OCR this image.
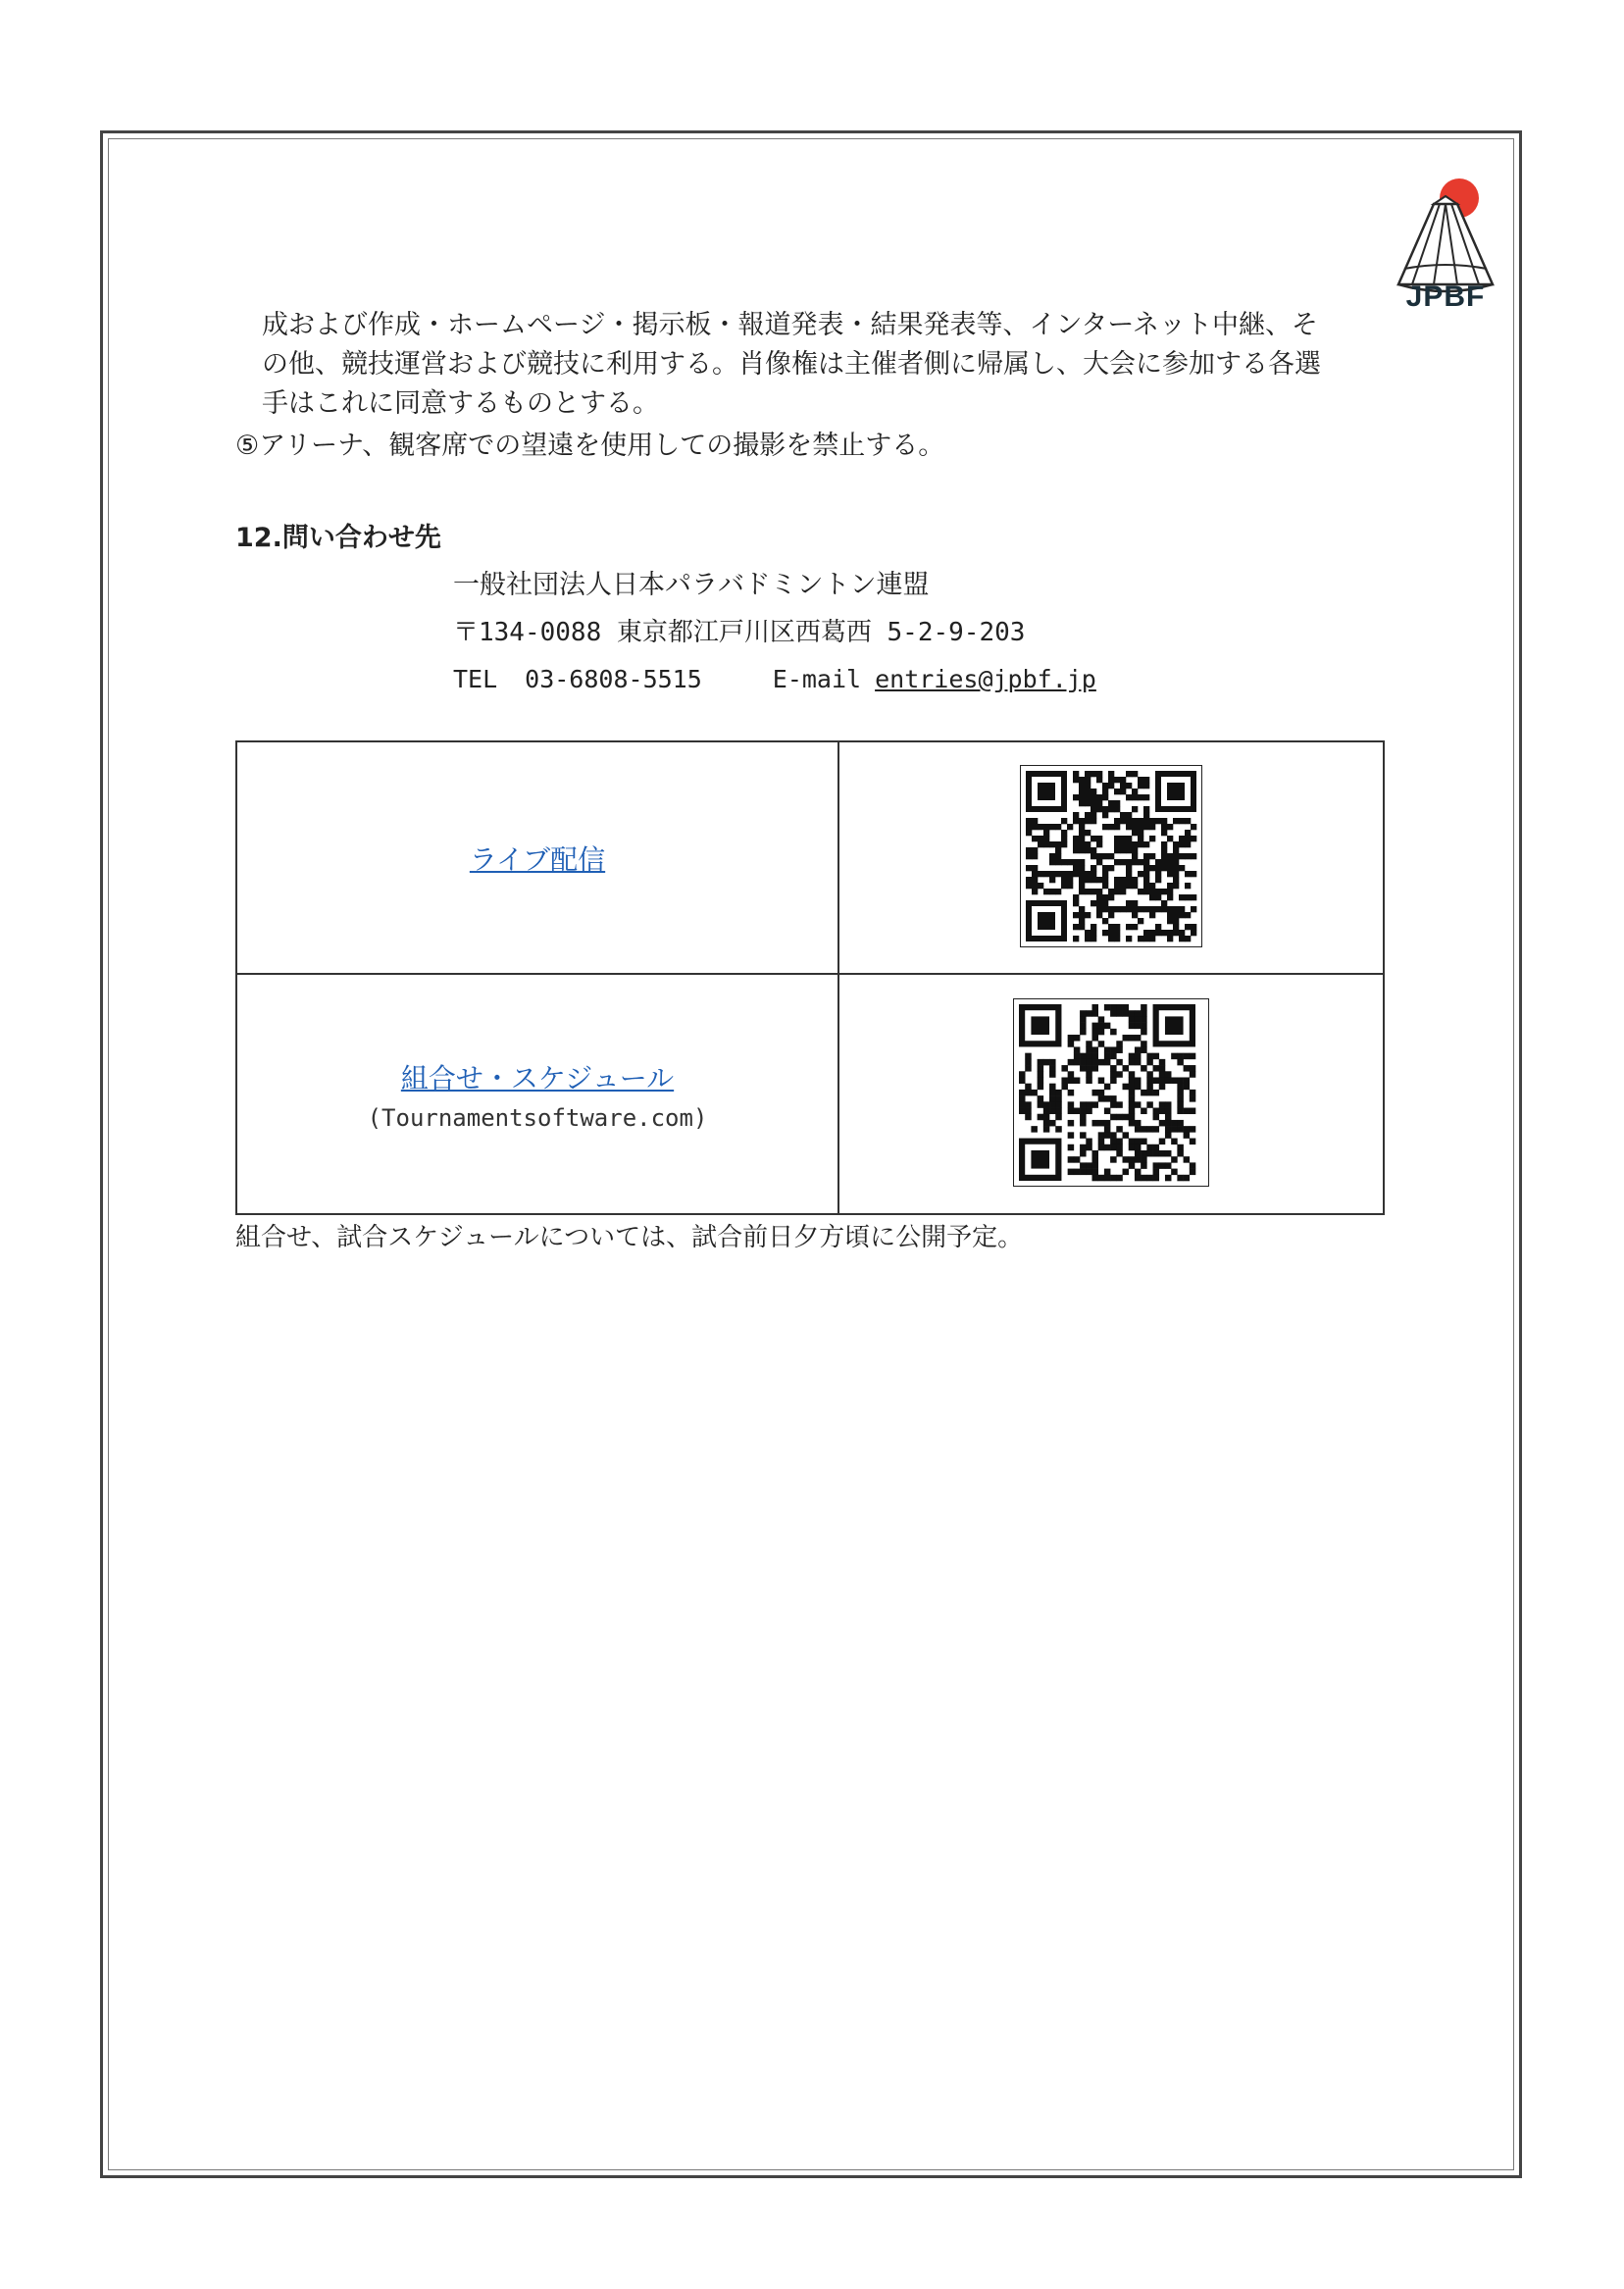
JPBF
成および作成・ホームページ・掲示板・報道発表・結果発表等、インターネット中継、そ
の他、競技運営および競技に利用する。肖像権は主催者側に帰属し、大会に参加する各選
手はこれに同意するものとする。
⑤アリーナ、観客席での望遠を使用しての撮影を禁止する。
12.問い合わせ先
一般社団法人日本パラバドミントン連盟
〒134-0088 東京都江戸川区西葛西 5-2-9-203
TEL 03-6808-5515	E-mail entries@jpbf.jp
ライブ配信	

組合せ・スケジュール
(Tournamentsoftware.com)

組合せ、試合スケジュールについては、試合前日夕方頃に公開予定。
